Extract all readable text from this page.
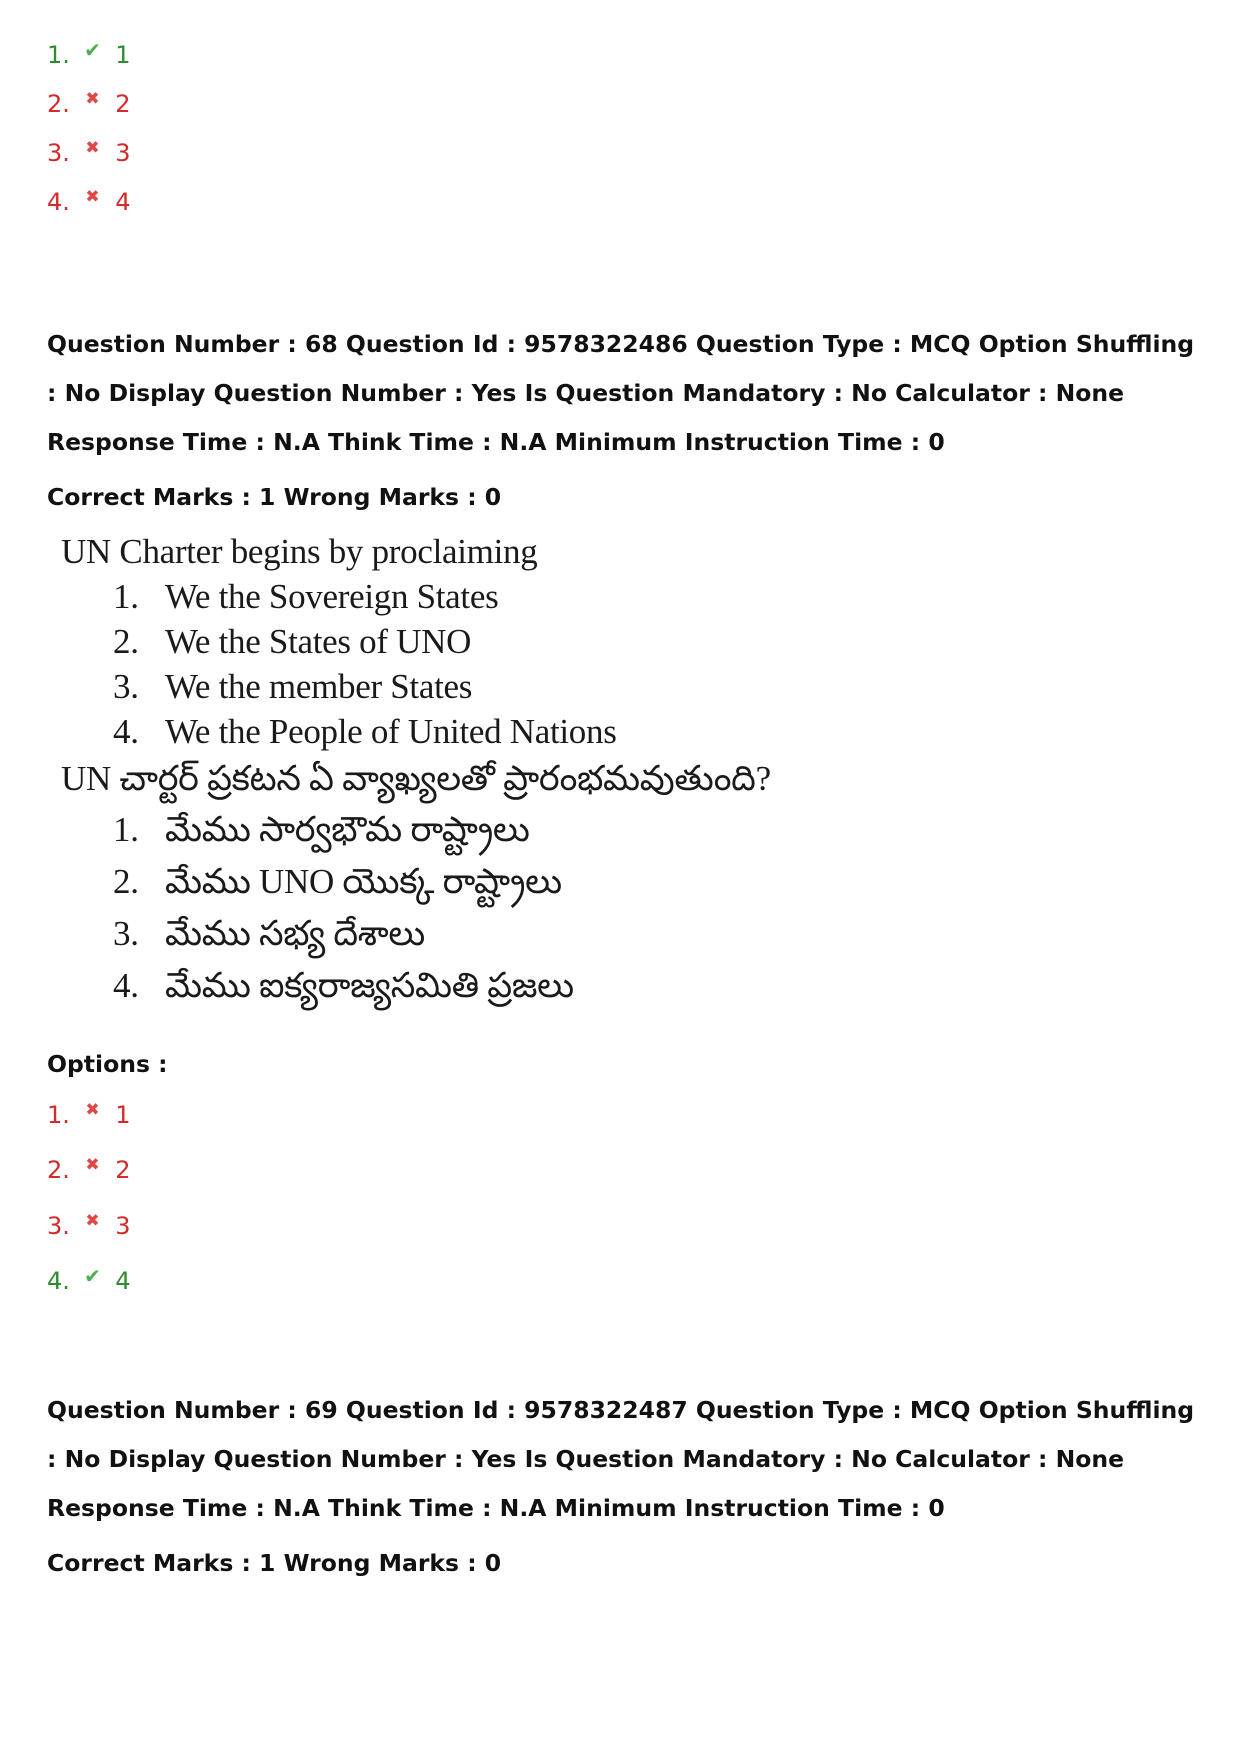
1. ✔ 1
2. ✖ 2
3. ✖ 3
4. ✖ 4
Question Number : 68 Question Id : 9578322486 Question Type : MCQ Option Shuffling : No Display Question Number : Yes Is Question Mandatory : No Calculator : None Response Time : N.A Think Time : N.A Minimum Instruction Time : 0
Correct Marks : 1 Wrong Marks : 0
UN Charter begins by proclaiming
1. We the Sovereign States
2. We the States of UNO
3. We the member States
4. We the People of United Nations
UN చార్టర్ ప్రకటన ఏ వ్యాఖ్యలతో ప్రారంభమవుతుంది?
1. మేము సార్వభౌమ రాష్ట్రాలు
2. మేము UNO యొక్క రాష్ట్రాలు
3. మేము సభ్య దేశాలు
4. మేము ఐక్యరాజ్యసమితి ప్రజలు
Options :
1. ✖ 1
2. ✖ 2
3. ✖ 3
4. ✔ 4
Question Number : 69 Question Id : 9578322487 Question Type : MCQ Option Shuffling : No Display Question Number : Yes Is Question Mandatory : No Calculator : None Response Time : N.A Think Time : N.A Minimum Instruction Time : 0
Correct Marks : 1 Wrong Marks : 0
